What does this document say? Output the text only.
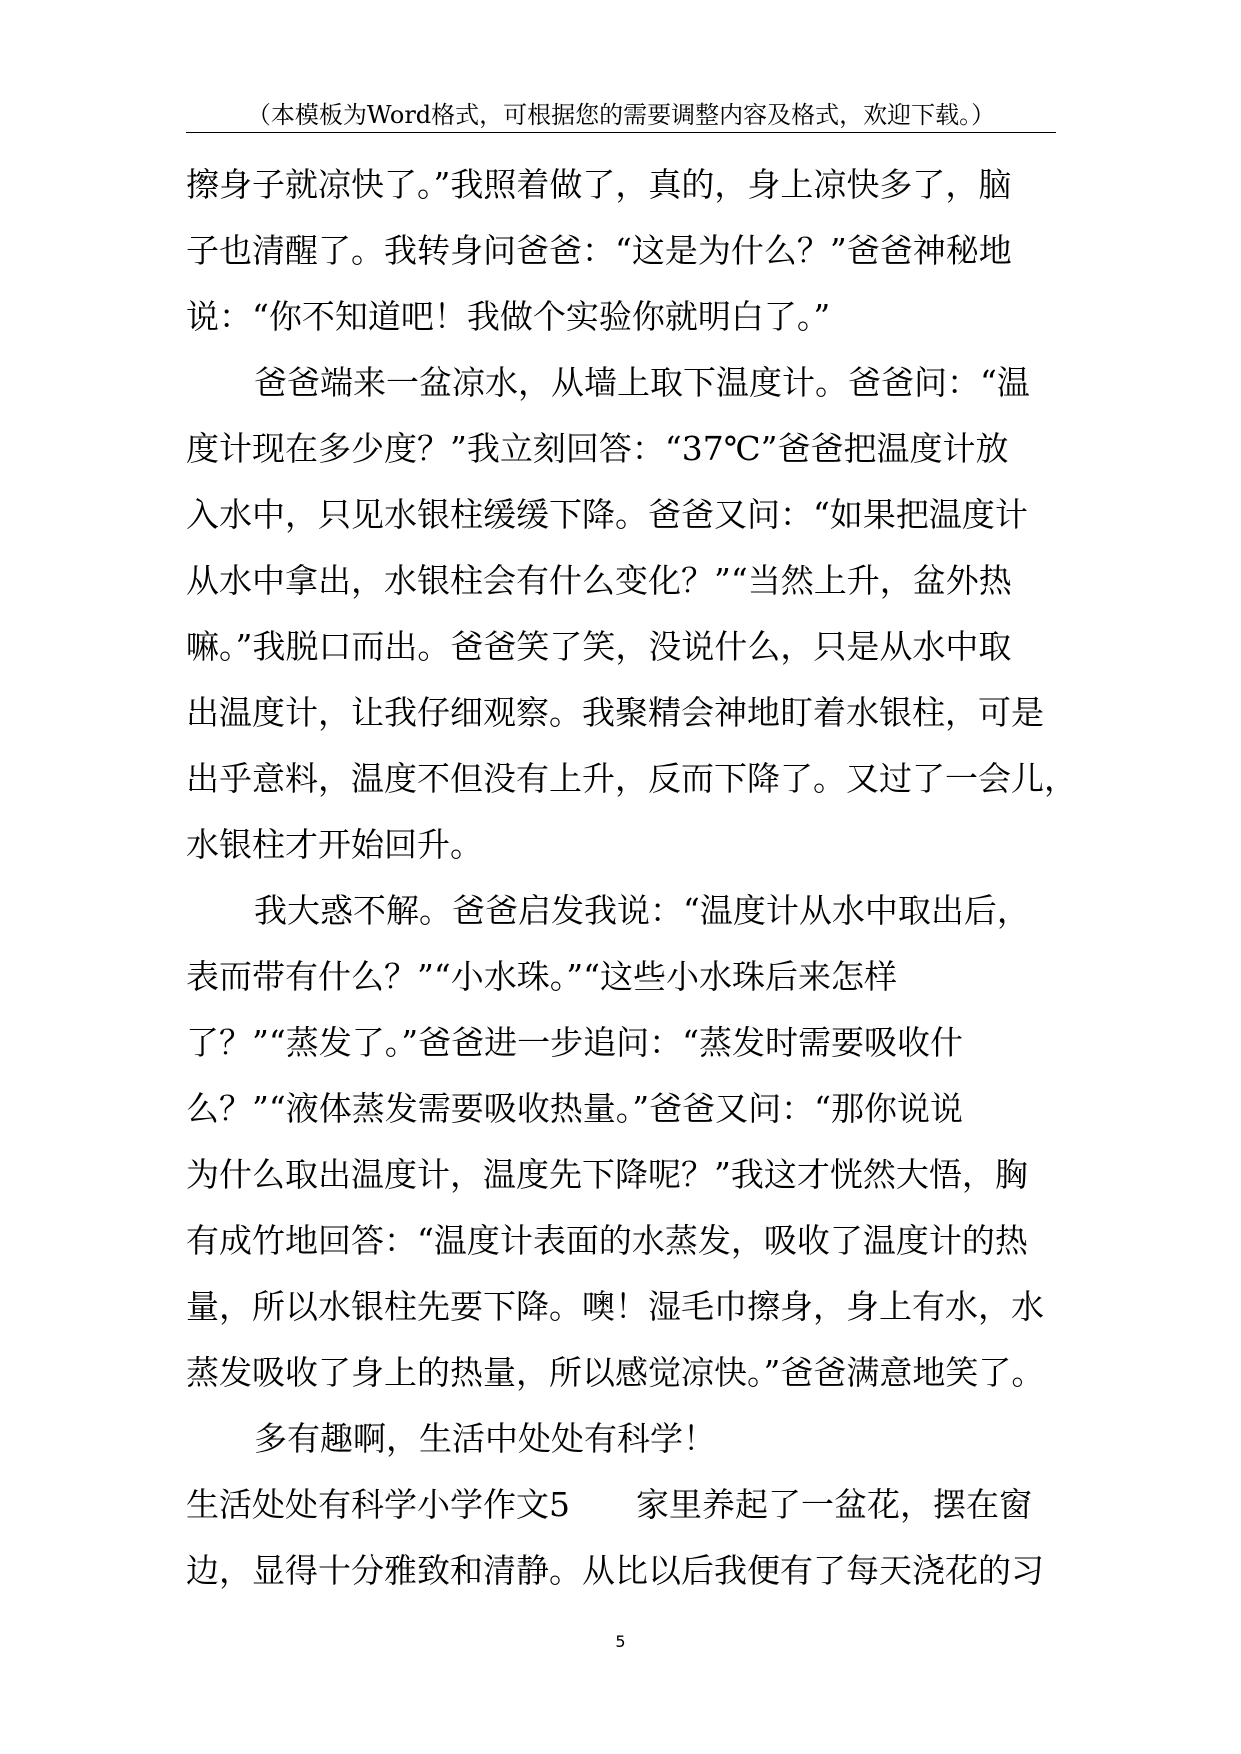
（本模板为Word格式，可根据您的需要调整内容及格式，欢迎下载。）
擦身子就凉快了。”我照着做了，真的，身上凉快多了，脑
子也清醒了。我转身问爸爸：“这是为什么？”爸爸神秘地
说：“你不知道吧！我做个实验你就明白了。”
爸爸端来一盆凉水，从墙上取下温度计。爸爸问：“温
度计现在多少度？”我立刻回答：“37℃”爸爸把温度计放
入水中，只见水银柱缓缓下降。爸爸又问：“如果把温度计
从水中拿出，水银柱会有什么变化？”“当然上升，盆外热
嘛。”我脱口而出。爸爸笑了笑，没说什么，只是从水中取
出温度计，让我仔细观察。我聚精会神地盯着水银柱，可是
出乎意料，温度不但没有上升，反而下降了。又过了一会儿，
水银柱才开始回升。
我大惑不解。爸爸启发我说：“温度计从水中取出后，
表而带有什么？”“小水珠。”“这些小水珠后来怎样
了？”“蒸发了。”爸爸进一步追问：“蒸发时需要吸收什
么？”“液体蒸发需要吸收热量。”爸爸又问：“那你说说
为什么取出温度计，温度先下降呢？”我这才恍然大悟，胸
有成竹地回答：“温度计表面的水蒸发，吸收了温度计的热
量，所以水银柱先要下降。噢！湿毛巾擦身，身上有水，水
蒸发吸收了身上的热量，所以感觉凉快。”爸爸满意地笑了。
多有趣啊，生活中处处有科学！
生活处处有科学小学作文5　　家里养起了一盆花，摆在窗
边，显得十分雅致和清静。从比以后我便有了每天浇花的习
5
